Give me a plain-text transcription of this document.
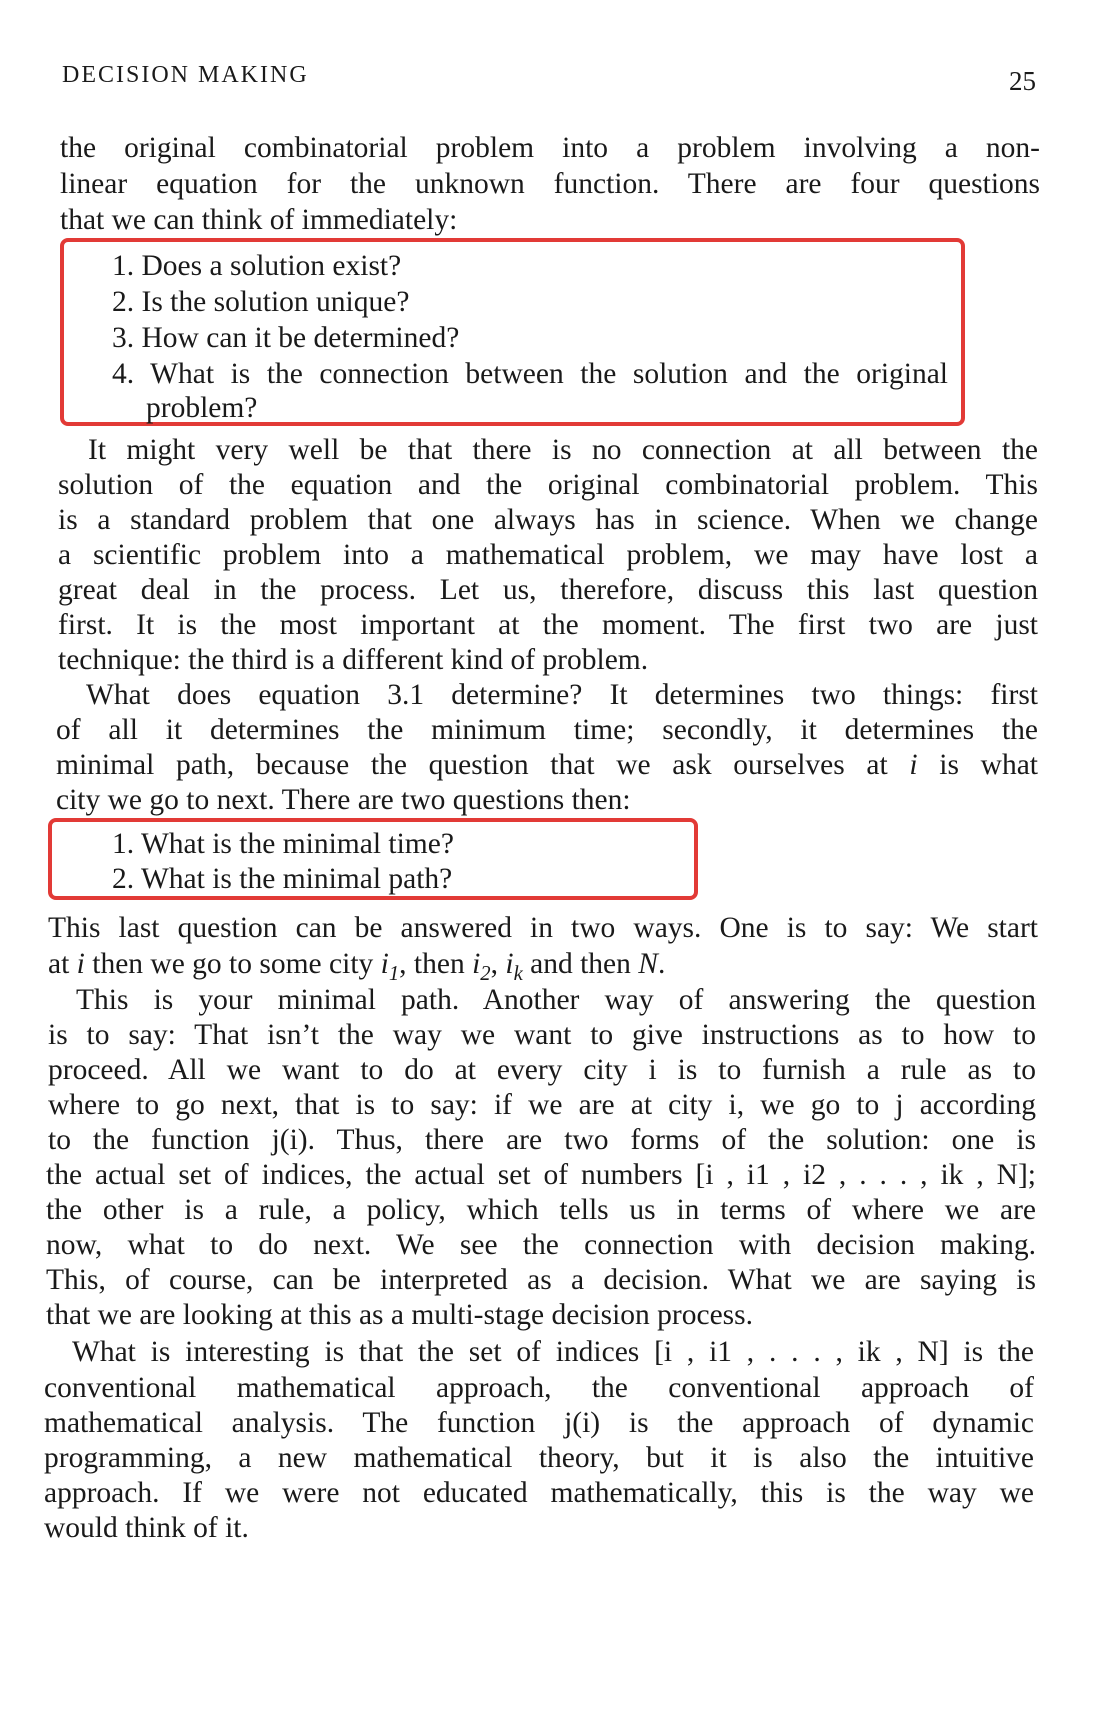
DECISION MAKING	25
the original combinatorial problem into a problem involving a non-
linear equation for the unknown function. There are four questions
that we can think of immediately:
1. Does a solution exist?
2. Is the solution unique?
3. How can it be determined?
4. What is the connection between the solution and the original
problem?
It might very well be that there is no connection at all between the
solution of the equation and the original combinatorial problem. This
is a standard problem that one always has in science. When we change
a scientific problem into a mathematical problem, we may have lost a
great deal in the process. Let us, therefore, discuss this last question
first. It is the most important at the moment. The first two are just
technique: the third is a different kind of problem.
What does equation 3.1 determine? It determines two things: first
of all it determines the minimum time; secondly, it determines the
minimal path, because the question that we ask ourselves at i is what
city we go to next. There are two questions then:
1. What is the minimal time?
2. What is the minimal path?
This last question can be answered in two ways. One is to say: We start
at i then we go to some city $i_1$, then $i_2$, $i_k$ and then N.
This is your minimal path. Another way of answering the question
is to say: That isn’t the way we want to give instructions as to how to
proceed. All we want to do at every city i is to furnish a rule as to
where to go next, that is to say: if we are at city i, we go to j according
to the function j(i). Thus, there are two forms of the solution: one is
the actual set of indices, the actual set of numbers [i , i1 , i2 , . . . , ik , N];
the other is a rule, a policy, which tells us in terms of where we are
now, what to do next. We see the connection with decision making.
This, of course, can be interpreted as a decision. What we are saying is
that we are looking at this as a multi-stage decision process.
What is interesting is that the set of indices [i , i1 , . . . , ik , N] is the
conventional mathematical approach, the conventional approach of
mathematical analysis. The function j(i) is the approach of dynamic
programming, a new mathematical theory, but it is also the intuitive
approach. If we were not educated mathematically, this is the way we
would think of it.
